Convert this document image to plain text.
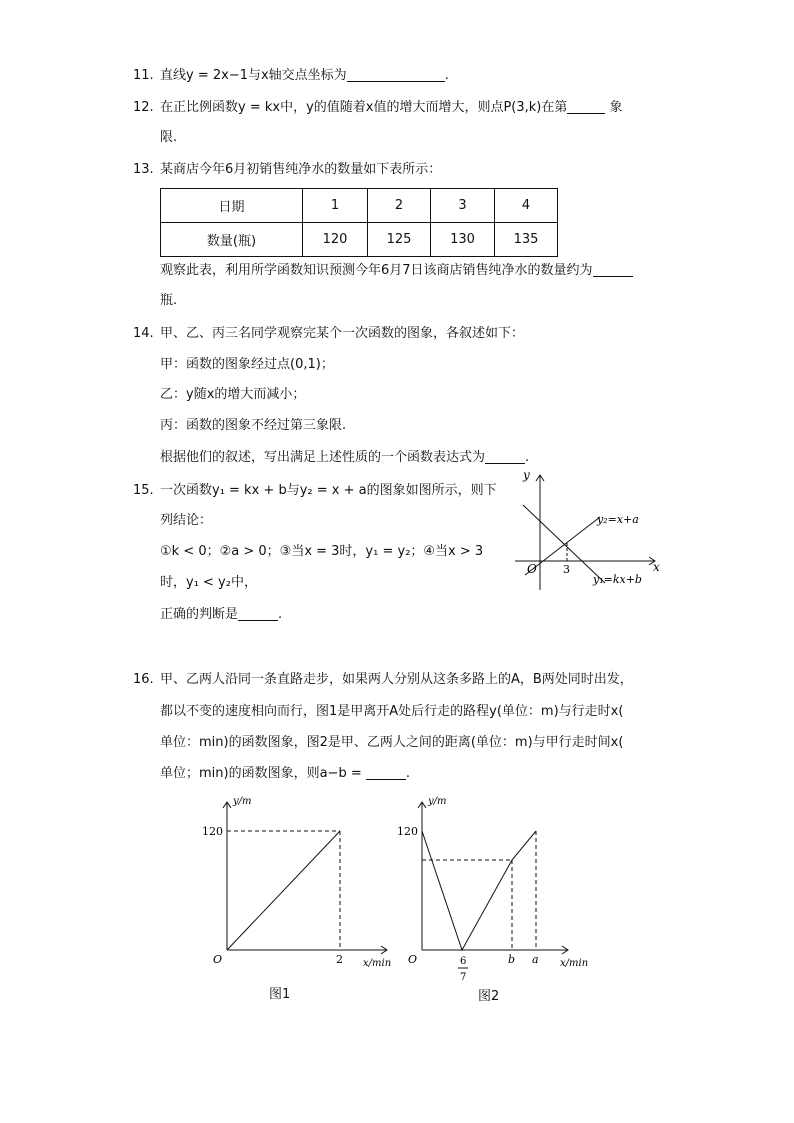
11. 直线y = 2x−1与x轴交点坐标为	.
12. 在正比例函数y = kx中，y的值随着x值的增大而增大，则点P(3,k)在第	象
限.
13. 某商店今年6月初销售纯净水的数量如下表所示：
日期	1	2	3	4
数量(瓶)	120	125	130	135
观察此表，利用所学函数知识预测今年6月7日该商店销售纯净水的数量约为
瓶.
14. 甲、乙、丙三名同学观察完某个一次函数的图象，各叙述如下：
甲：函数的图象经过点(0,1)；
乙：y随x的增大而减小；
丙：函数的图象不经过第三象限.
根据他们的叙述，写出满足上述性质的一个函数表达式为	.
15. 一次函数y₁ = kx + b与y₂ = x + a的图象如图所示，则下
列结论：
①k < 0；②a > 0；③当x = 3时，y₁ = y₂；④当x > 3
时，y₁ < y₂中，
正确的判断是	.
y
x
O 3
y₂=x+a
y₁=kx+b
16. 甲、乙两人沿同一条直路走步，如果两人分别从这条多路上的A，B两处同时出发，
都以不变的速度相向而行，图1是甲离开A处后行走的路程y(单位：m)与行走时x(
单位：min)的函数图象，图2是甲、乙两人之间的距离(单位：m)与甲行走时间x(
单位；min)的函数图象，则a−b =	.
y/m
x/min
O
120
2
图1
y/m
x/min
O
120
6
7
b a
图2
